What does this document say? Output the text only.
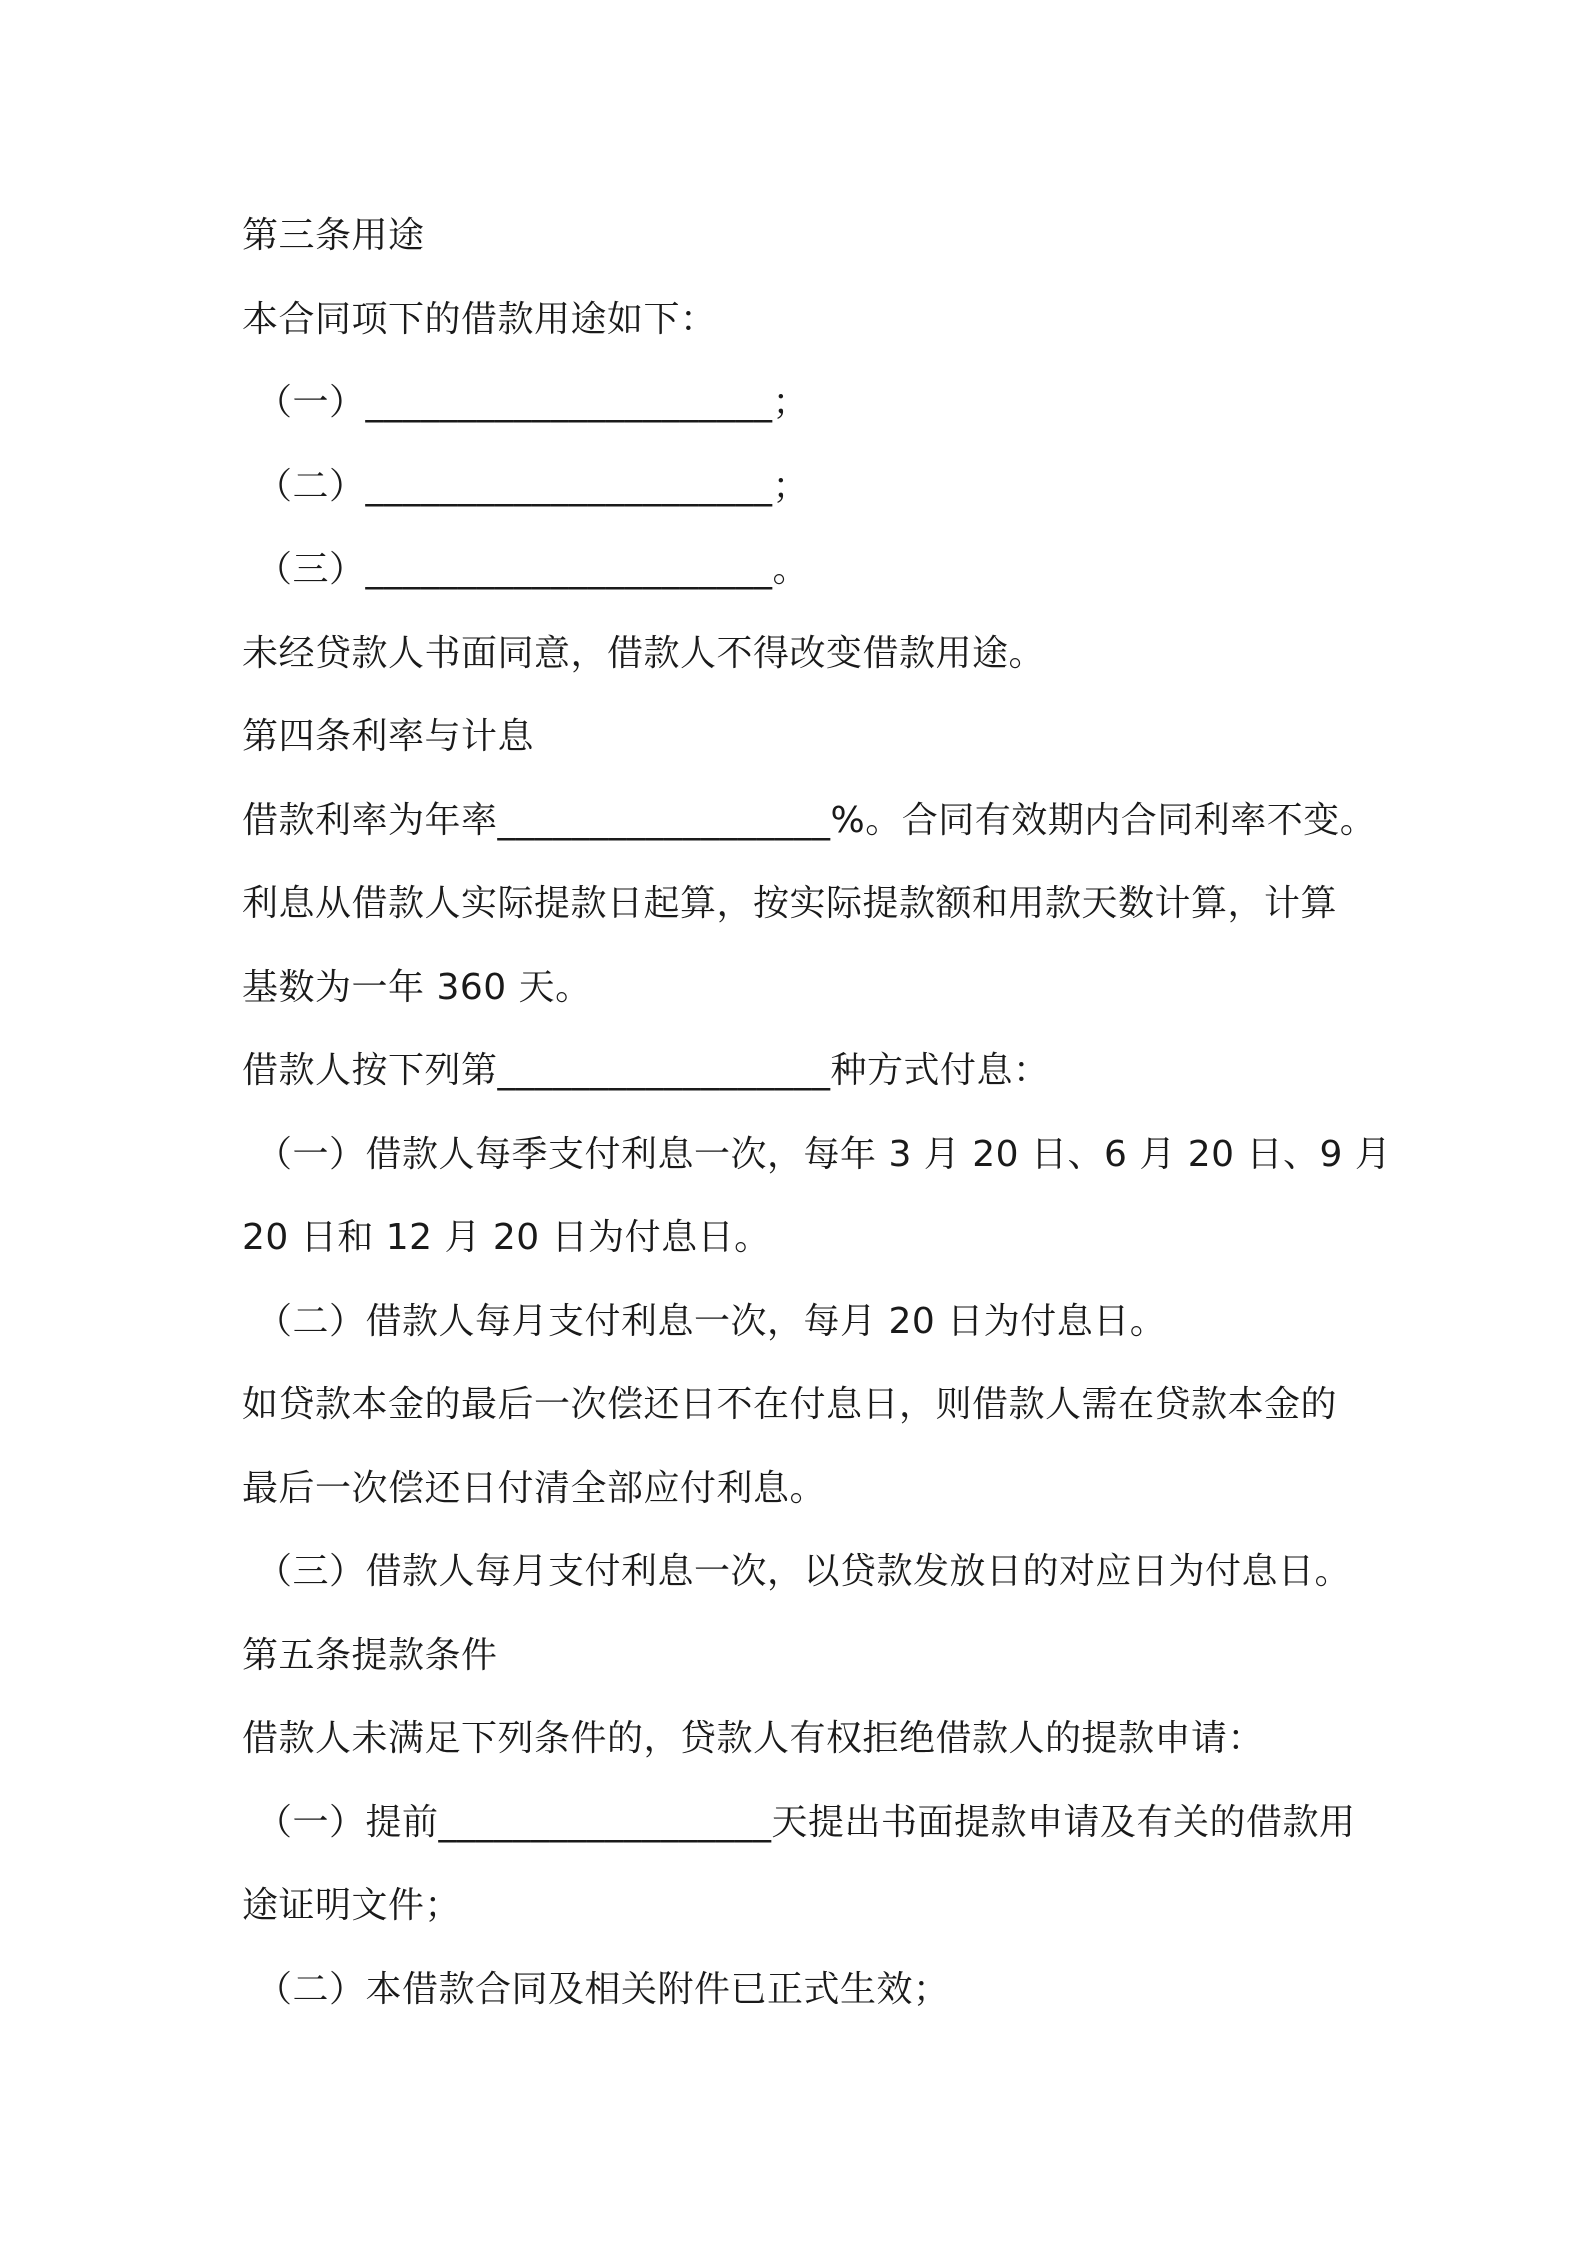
第三条用途
本合同项下的借款用途如下：
（一）______________________；
（二）______________________；
（三）______________________。
未经贷款人书面同意，借款人不得改变借款用途。
第四条利率与计息
借款利率为年率__________________%。合同有效期内合同利率不变。
利息从借款人实际提款日起算，按实际提款额和用款天数计算，计算
基数为一年 360 天。
借款人按下列第__________________种方式付息：
（一）借款人每季支付利息一次，每年 3 月 20 日、6 月 20 日、9 月
20 日和 12 月 20 日为付息日。
（二）借款人每月支付利息一次，每月 20 日为付息日。
如贷款本金的最后一次偿还日不在付息日，则借款人需在贷款本金的
最后一次偿还日付清全部应付利息。
（三）借款人每月支付利息一次，以贷款发放日的对应日为付息日。
第五条提款条件
借款人未满足下列条件的，贷款人有权拒绝借款人的提款申请：
（一）提前__________________天提出书面提款申请及有关的借款用
途证明文件；
（二）本借款合同及相关附件已正式生效；
